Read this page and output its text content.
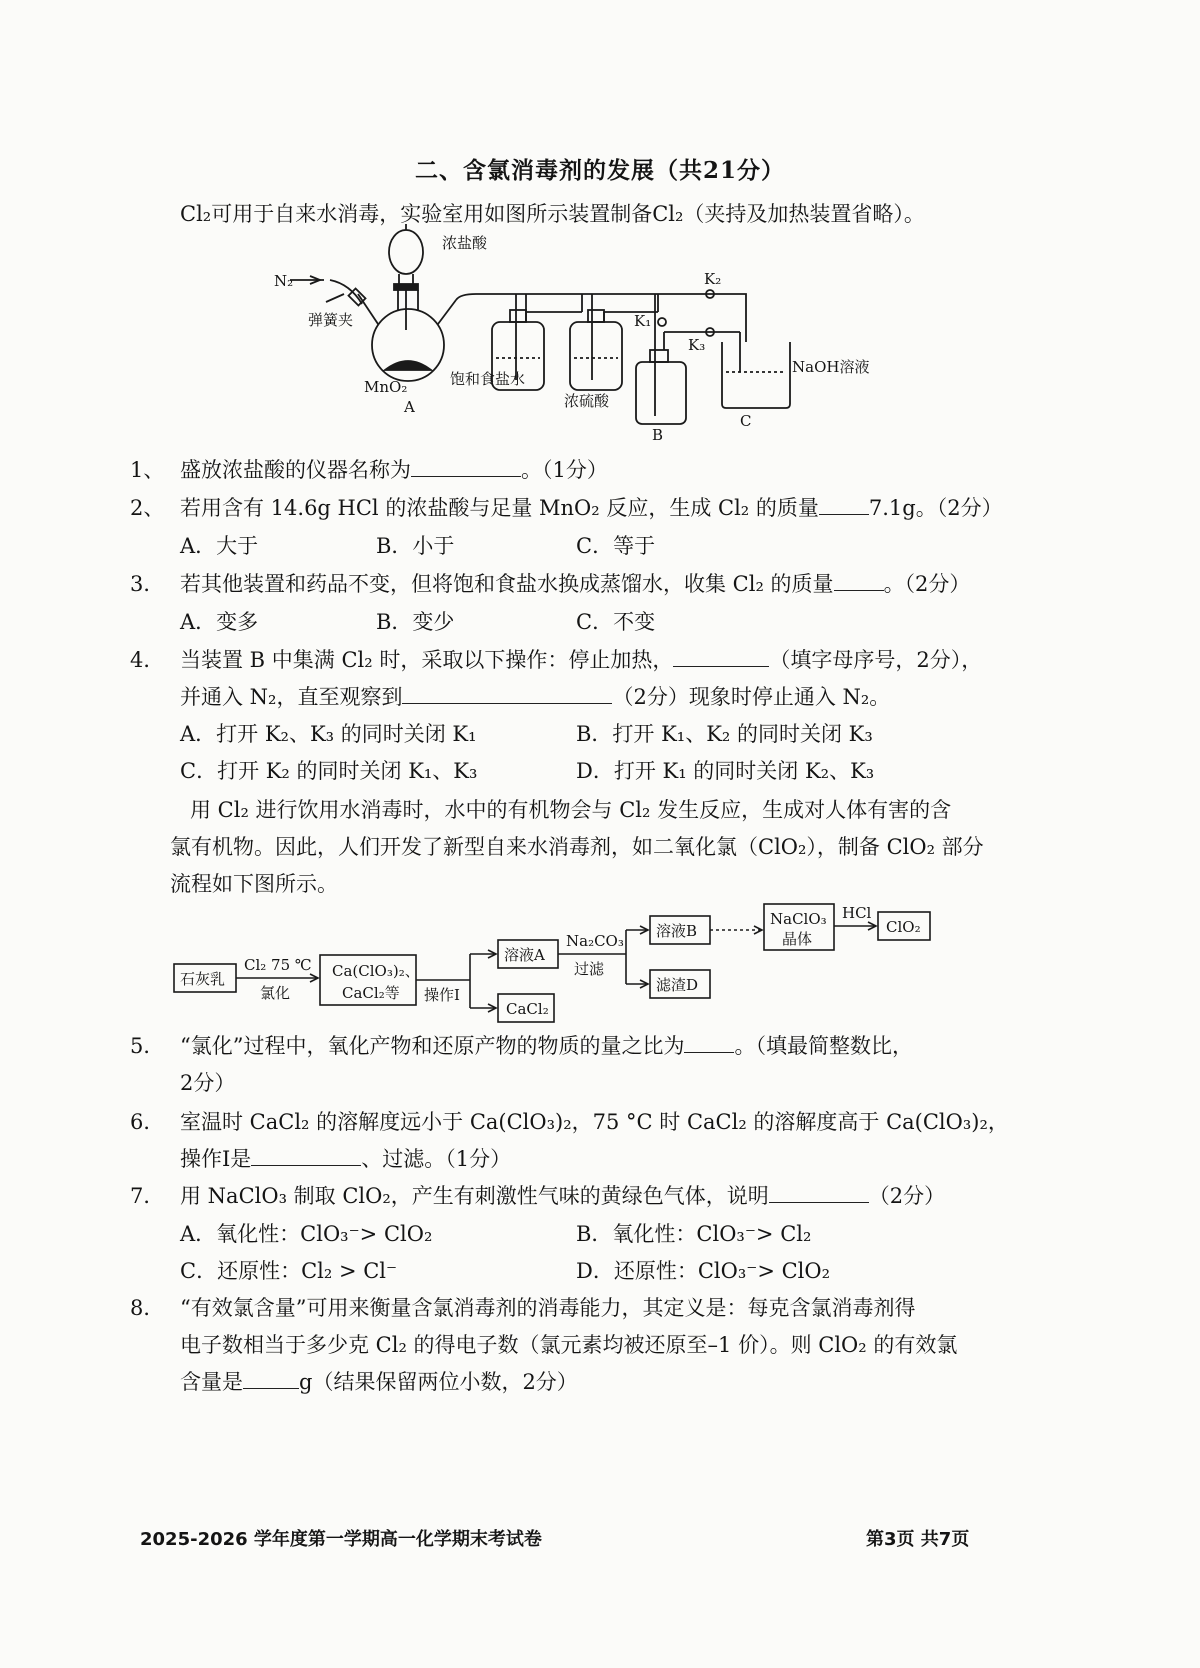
二、含氯消毒剂的发展（共21分）
Cl₂可用于自来水消毒，实验室用如图所示装置制备Cl₂（夹持及加热装置省略）。
浓盐酸
N₂
弹簧夹
MnO₂
A
饱和食盐水
浓硫酸
K₁
K₂
K₃
B
NaOH溶液
C
1、 盛放浓盐酸的仪器名称为	。（1分）
2、 若用含有 14.6g HCl 的浓盐酸与足量 MnO₂ 反应，生成 Cl₂ 的质量 7.1g。（2分）
A．大于	B．小于	C．等于
3． 若其他装置和药品不变，但将饱和食盐水换成蒸馏水，收集 Cl₂ 的质量 。（2分）
A．变多	B．变少	C．不变
4． 当装置 B 中集满 Cl₂ 时，采取以下操作：停止加热，	（填字母序号，2分），
并通入 N₂，直至观察到	（2分）现象时停止通入 N₂。
A．打开 K₂、K₃ 的同时关闭 K₁	B．打开 K₁、K₂ 的同时关闭 K₃
C．打开 K₂ 的同时关闭 K₁、K₃	D．打开 K₁ 的同时关闭 K₂、K₃
用 Cl₂ 进行饮用水消毒时，水中的有机物会与 Cl₂ 发生反应，生成对人体有害的含
氯有机物。因此，人们开发了新型自来水消毒剂，如二氧化氯（ClO₂），制备 ClO₂ 部分
流程如下图所示。
石灰乳
Cl₂ 75 ℃
氯化
Ca(ClO₃)₂、
CaCl₂等 操作I
溶液A
CaCl₂
Na₂CO₃
过滤
溶液B
滤渣D
NaClO₃
晶体
HCl
ClO₂
5． “氯化”过程中，氧化产物和还原产物的物质的量之比为 。（填最简整数比，
2分）
6． 室温时 CaCl₂ 的溶解度远小于 Ca(ClO₃)₂，75 °C 时 CaCl₂ 的溶解度高于 Ca(ClO₃)₂，
操作I是	、过滤。（1分）
7． 用 NaClO₃ 制取 ClO₂，产生有刺激性气味的黄绿色气体，说明	（2分）
A．氧化性：ClO₃⁻> ClO₂	B．氧化性：ClO₃⁻> Cl₂
C．还原性：Cl₂ > Cl⁻	D．还原性：ClO₃⁻> ClO₂
8． “有效氯含量”可用来衡量含氯消毒剂的消毒能力，其定义是：每克含氯消毒剂得
电子数相当于多少克 Cl₂ 的得电子数（氯元素均被还原至–1 价）。则 ClO₂ 的有效氯
含量是	g（结果保留两位小数，2分）
2025-2026 学年度第一学期高一化学期末考试卷	第3页 共7页
